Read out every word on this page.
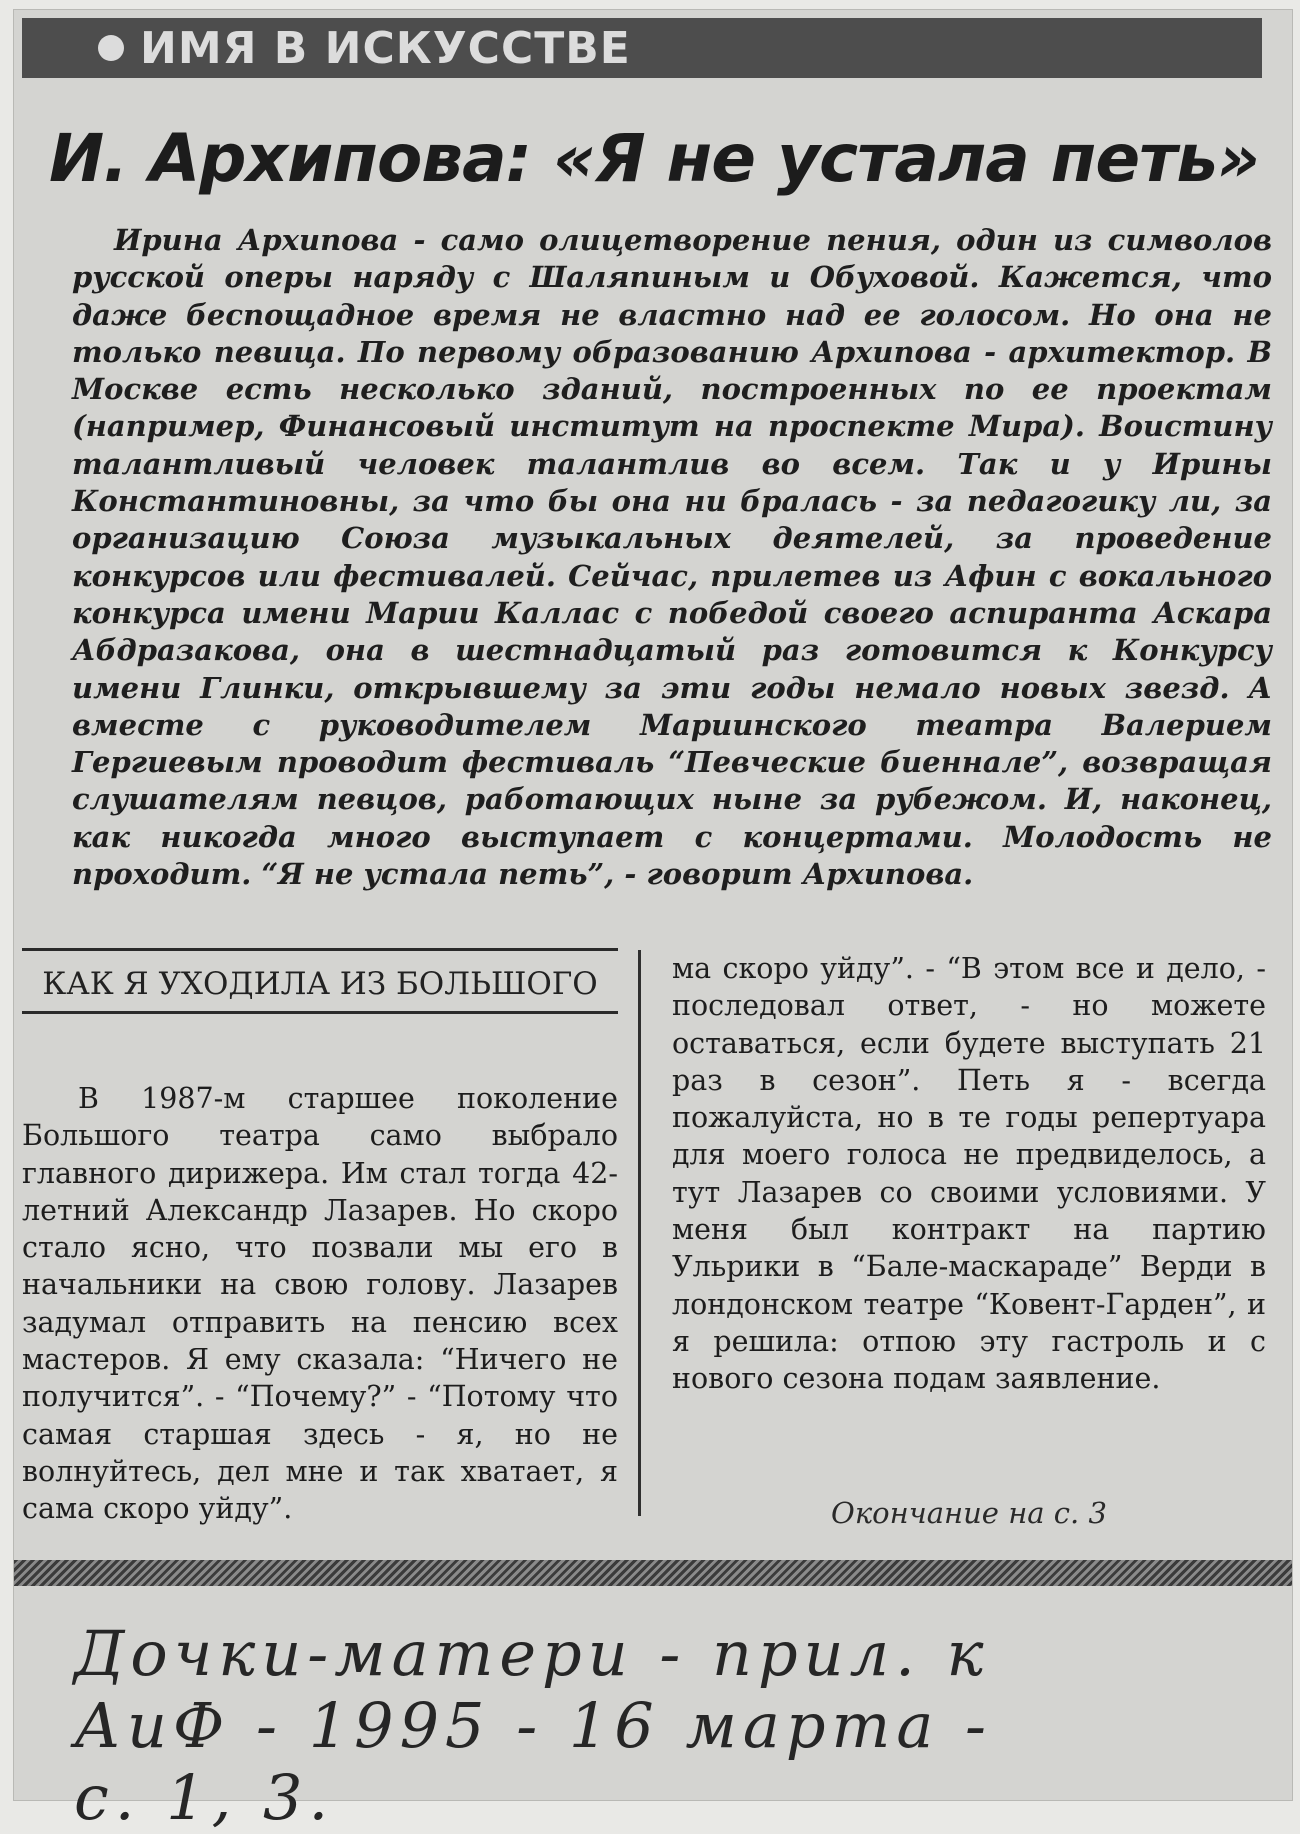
ИМЯ В ИСКУССТВЕ
И. Архипова: «Я не устала петь»
Ирина Архипова - само олицетворение пения, один из символов русской оперы наряду с Шаляпиным и Обуховой. Кажется, что даже беспощадное время не властно над ее голосом. Но она не только певица. По первому образованию Архипова - архитектор. В Москве есть несколько зданий, построенных по ее проектам (например, Финансовый институт на проспекте Мира). Воистину талантливый человек талантлив во всем. Так и у Ирины Константиновны, за что бы она ни бралась - за педагогику ли, за организацию Союза музыкальных деятелей, за проведение конкурсов или фестивалей. Сейчас, прилетев из Афин с вокального конкурса имени Марии Каллас с победой своего аспиранта Аскара Абдразакова, она в шестнадцатый раз готовится к Конкурсу имени Глинки, открывшему за эти годы немало новых звезд. А вместе с руководителем Мариинского театра Валерием Гергиевым проводит фестиваль “Певческие биеннале”, возвращая слушателям певцов, работающих ныне за рубежом. И, наконец, как никогда много выступает с концертами. Молодость не проходит. “Я не устала петь”, - говорит Архипова.
КАК Я УХОДИЛА ИЗ БОЛЬШОГО
В 1987-м старшее поколение Большого театра само выбрало главного дирижера. Им стал тогда 42-летний Александр Лазарев. Но скоро стало ясно, что позвали мы его в начальники на свою голову. Лазарев задумал отправить на пенсию всех мастеров. Я ему сказала: “Ничего не получится”. - “Почему?” - “Потому что самая старшая здесь - я, но не волнуйтесь, дел мне и так хватает, я сама скоро уйду”.
ма скоро уйду”. - “В этом все и дело, - последовал ответ, - но можете оставаться, если будете выступать 21 раз в сезон”. Петь я - всегда пожалуйста, но в те годы репертуара для моего голоса не предвиделось, а тут Лазарев со своими условиями. У меня был контракт на партию Ульрики в “Бале-маскараде” Верди в лондонском театре “Ковент-Гарден”, и я решила: отпою эту гастроль и с нового сезона подам заявление.
Окончание на с. 3
Дочки-матери - прил. к
АиФ - 1995 - 16 марта -
с. 1, 3.
